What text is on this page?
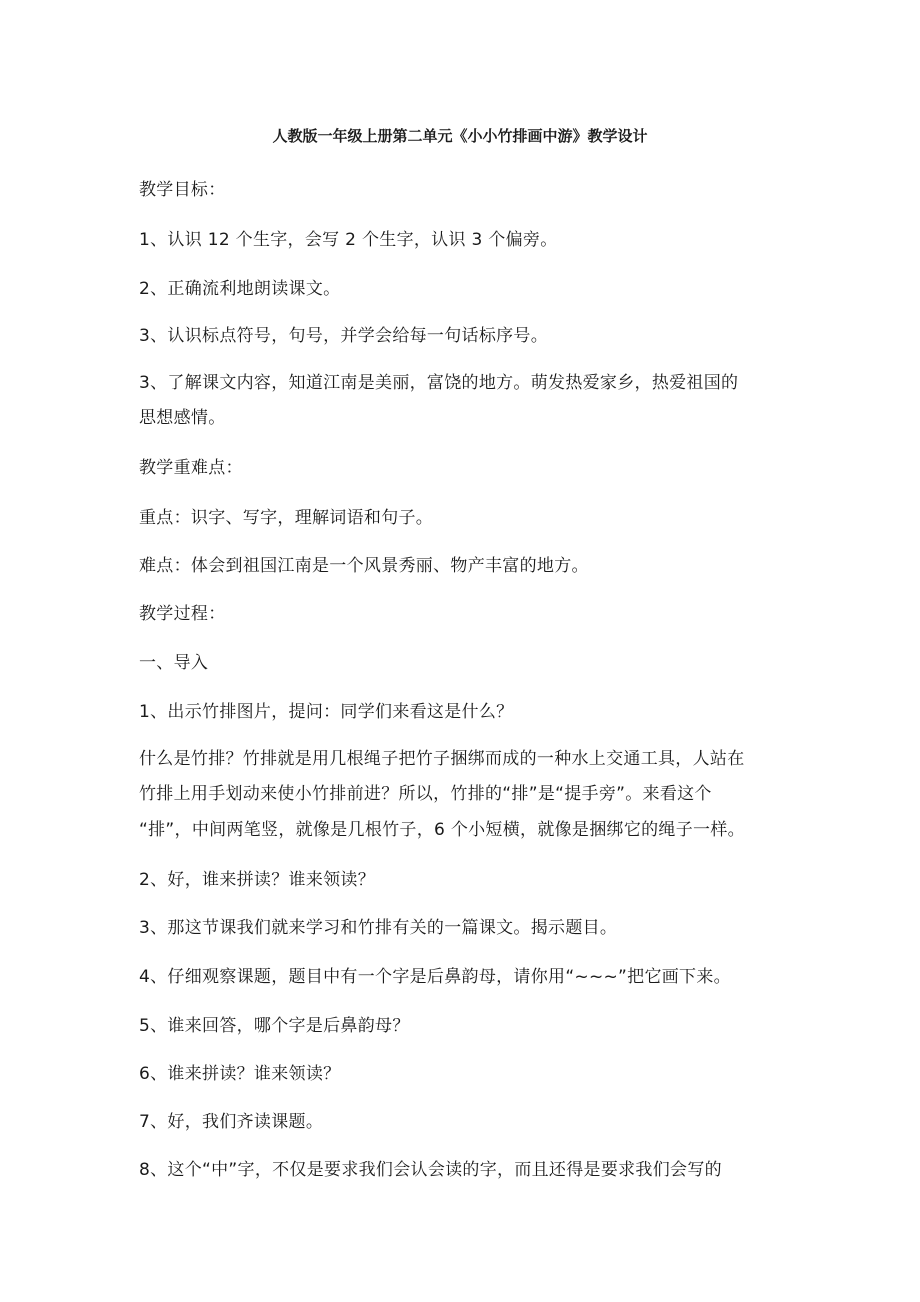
人教版一年级上册第二单元《小小竹排画中游》教学设计
教学目标：
1、认识 12 个生字，会写 2 个生字，认识 3 个偏旁。
2、正确流利地朗读课文。
3、认识标点符号，句号，并学会给每一句话标序号。
3、了解课文内容，知道江南是美丽，富饶的地方。萌发热爱家乡，热爱祖国的
思想感情。
教学重难点：
重点：识字、写字，理解词语和句子。
难点：体会到祖国江南是一个风景秀丽、物产丰富的地方。
教学过程：
一、导入
1、出示竹排图片，提问：同学们来看这是什么？
什么是竹排？竹排就是用几根绳子把竹子捆绑而成的一种水上交通工具，人站在
竹排上用手划动来使小竹排前进？所以，竹排的“排”是“提手旁”。来看这个
“排”，中间两笔竖，就像是几根竹子，6 个小短横，就像是捆绑它的绳子一样。
2、好，谁来拼读？谁来领读？
3、那这节课我们就来学习和竹排有关的一篇课文。揭示题目。
4、仔细观察课题，题目中有一个字是后鼻韵母，请你用“~~~”把它画下来。
5、谁来回答，哪个字是后鼻韵母？
6、谁来拼读？谁来领读？
7、好，我们齐读课题。
8、这个“中”字，不仅是要求我们会认会读的字，而且还得是要求我们会写的
